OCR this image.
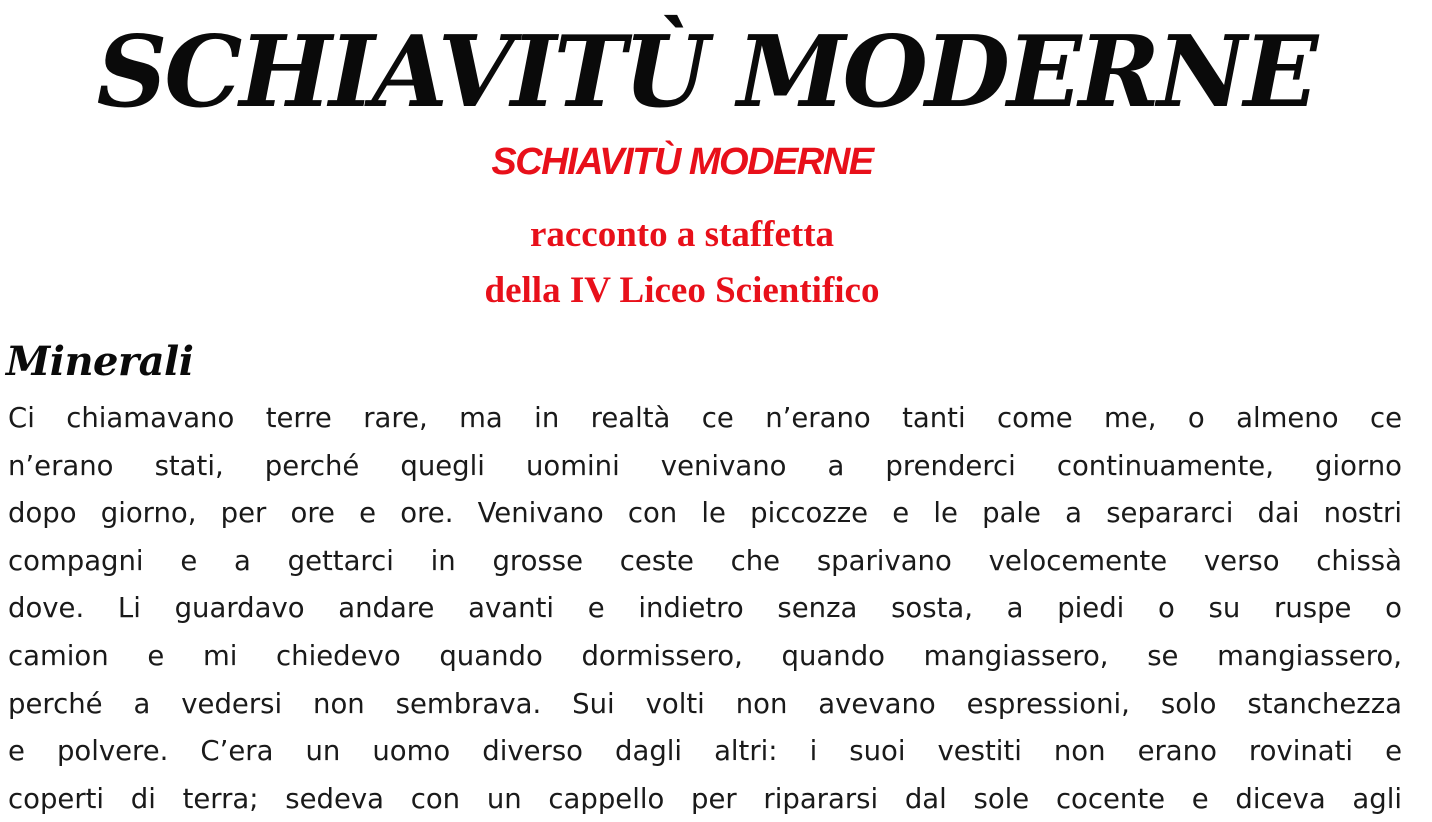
SCHIAVITÙ MODERNE
SCHIAVITÙ MODERNE
racconto a staffetta
della IV Liceo Scientifico
Minerali
Ci chiamavano terre rare, ma in realtà ce n’erano tanti come me, o almeno ce
n’erano stati, perché quegli uomini venivano a prenderci continuamente, giorno
dopo giorno, per ore e ore. Venivano con le piccozze e le pale a separarci dai nostri
compagni e a gettarci in grosse ceste che sparivano velocemente verso chissà
dove. Li guardavo andare avanti e indietro senza sosta, a piedi o su ruspe o
camion e mi chiedevo quando dormissero, quando mangiassero, se mangiassero,
perché a vedersi non sembrava. Sui volti non avevano espressioni, solo stanchezza
e polvere. C’era un uomo diverso dagli altri: i suoi vestiti non erano rovinati e
coperti di terra; sedeva con un cappello per ripararsi dal sole cocente e diceva agli
